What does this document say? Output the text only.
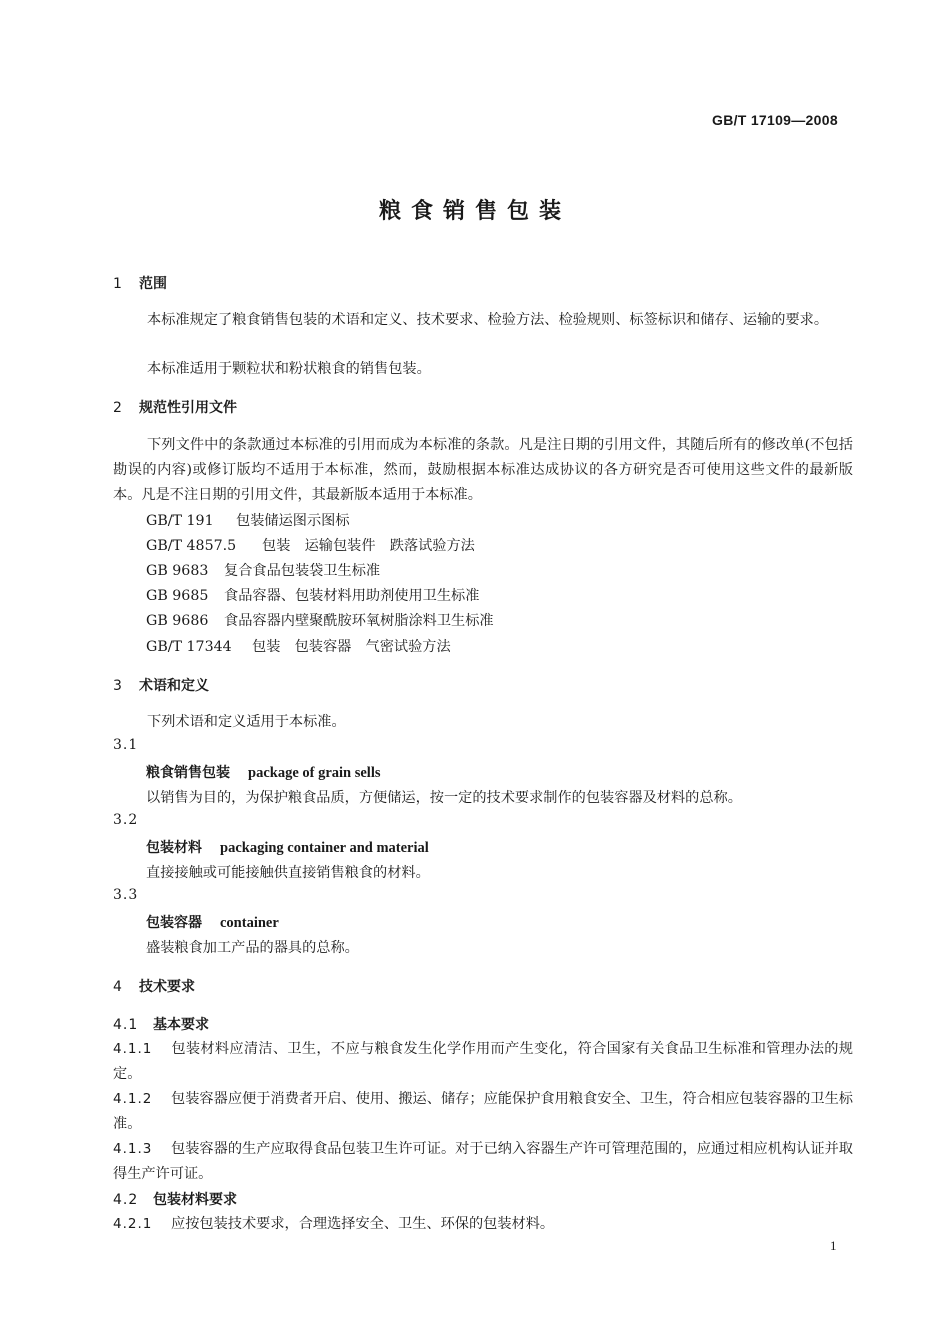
GB/T 17109—2008
粮食销售包装
1 范围
本标准规定了粮食销售包装的术语和定义、技术要求、检验方法、检验规则、标签标识和储存、运输的要求。
本标准适用于颗粒状和粉状粮食的销售包装。
2 规范性引用文件
下列文件中的条款通过本标准的引用而成为本标准的条款。凡是注日期的引用文件，其随后所有的修改单(不包括勘误的内容)或修订版均不适用于本标准，然而，鼓励根据本标准达成协议的各方研究是否可使用这些文件的最新版本。凡是不注日期的引用文件，其最新版本适用于本标准。
GB/T 191 包装储运图示图标
GB/T 4857.5 包装　运输包装件　跌落试验方法
GB 9683 复合食品包装袋卫生标准
GB 9685 食品容器、包装材料用助剂使用卫生标准
GB 9686 食品容器内壁聚酰胺环氧树脂涂料卫生标准
GB/T 17344 包装　包装容器　气密试验方法
3 术语和定义
下列术语和定义适用于本标准。
3.1
粮食销售包装 package of grain sells
以销售为目的，为保护粮食品质，方便储运，按一定的技术要求制作的包装容器及材料的总称。
3.2
包装材料 packaging container and material
直接接触或可能接触供直接销售粮食的材料。
3.3
包装容器 container
盛装粮食加工产品的器具的总称。
4 技术要求
4.1 基本要求
4.1.1 包装材料应清洁、卫生，不应与粮食发生化学作用而产生变化，符合国家有关食品卫生标准和管理办法的规定。
4.1.2 包装容器应便于消费者开启、使用、搬运、储存；应能保护食用粮食安全、卫生，符合相应包装容器的卫生标准。
4.1.3 包装容器的生产应取得食品包装卫生许可证。对于已纳入容器生产许可管理范围的，应通过相应机构认证并取得生产许可证。
4.2 包装材料要求
4.2.1 应按包装技术要求，合理选择安全、卫生、环保的包装材料。
1
